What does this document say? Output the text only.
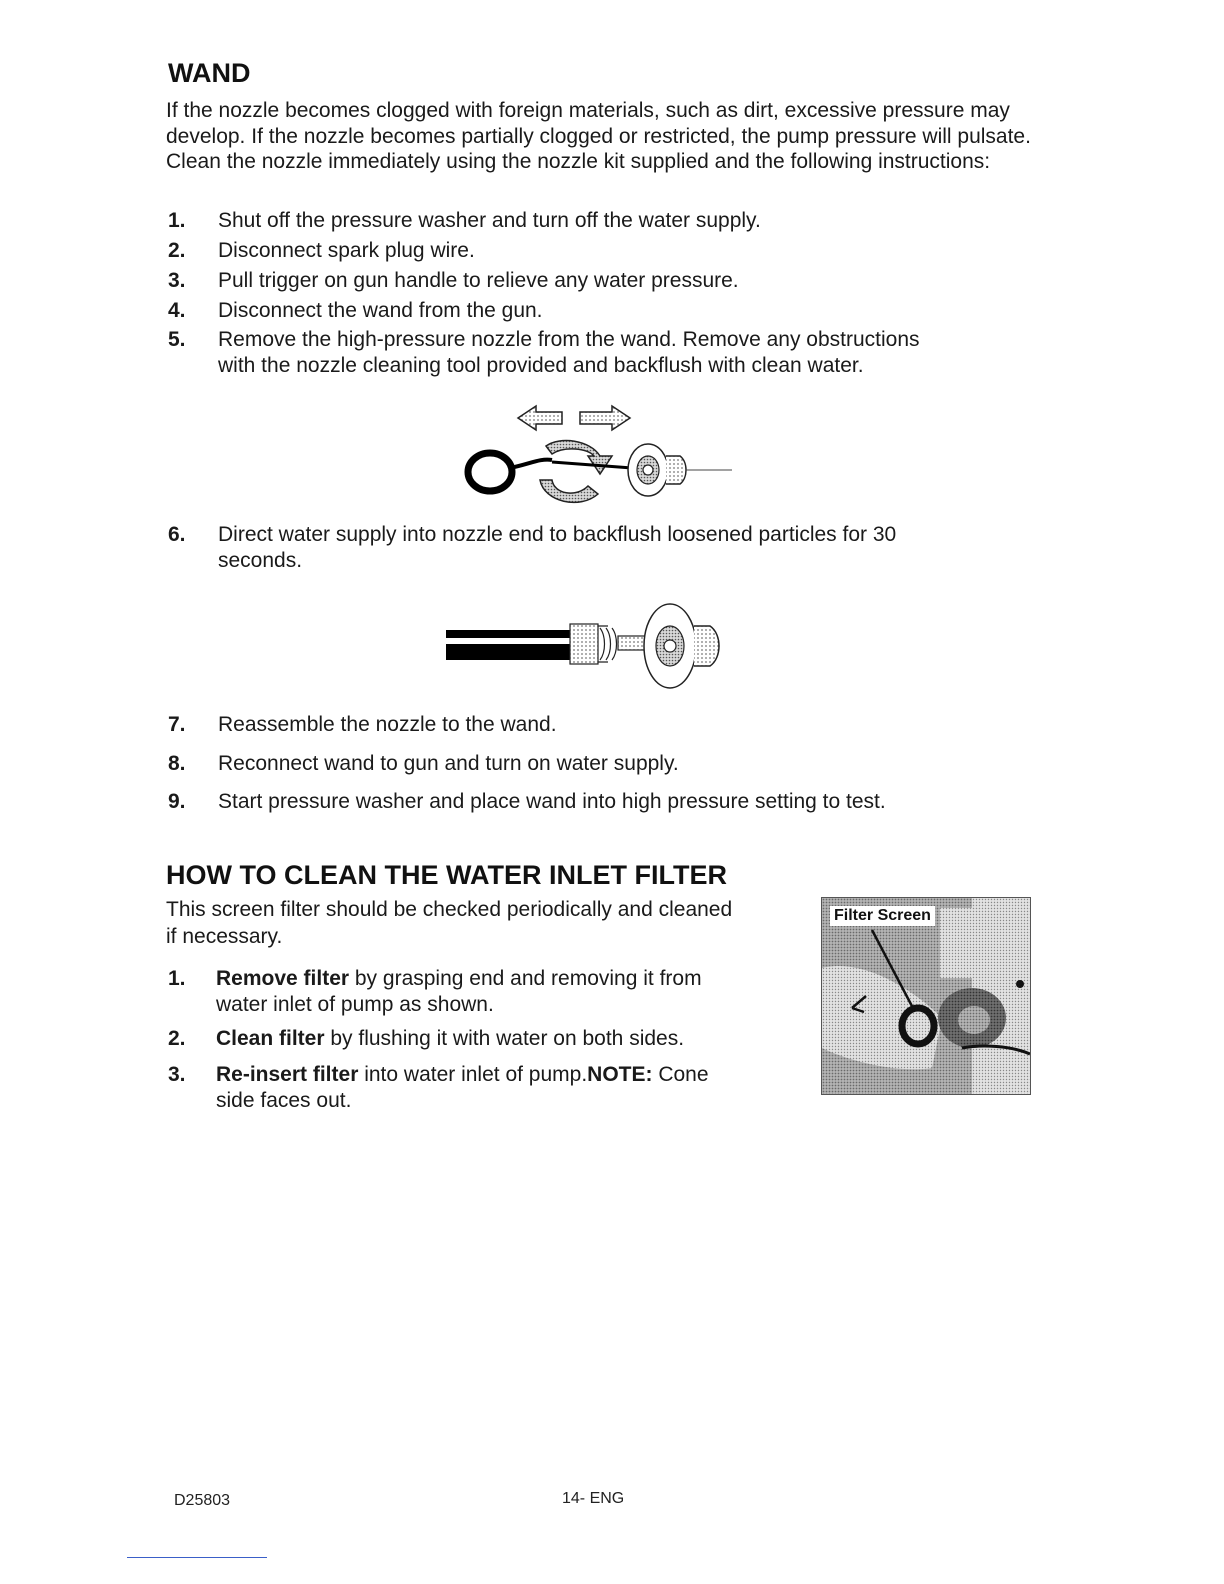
WAND
If the nozzle becomes clogged with foreign materials, such as dirt, excessive pressure may develop. If the nozzle becomes partially clogged or restricted, the pump pressure will pulsate. Clean the nozzle immediately using the nozzle kit supplied and the following instructions:
1. Shut off the pressure washer and turn off the water supply.
2. Disconnect spark plug wire.
3. Pull trigger on gun handle to relieve any water pressure.
4. Disconnect the wand from the gun.
5. Remove the high-pressure nozzle from the wand. Remove any obstructions
with the nozzle cleaning tool provided and backflush with clean water.
6. Direct water supply into nozzle end to backflush loosened particles for 30
seconds.
7. Reassemble the nozzle to the wand.
8. Reconnect wand to gun and turn on water supply.
9. Start pressure washer and place wand into high pressure setting to test.
HOW TO CLEAN THE WATER INLET FILTER
This screen filter should be checked periodically and cleaned
if necessary.
1. Remove filter by grasping end and removing it from
water inlet of pump as shown.
2. Clean filter by flushing it with water on both sides.
3. Re-insert filter into water inlet of pump.NOTE: Cone
side faces out.
Filter Screen
D25803	14- ENG
